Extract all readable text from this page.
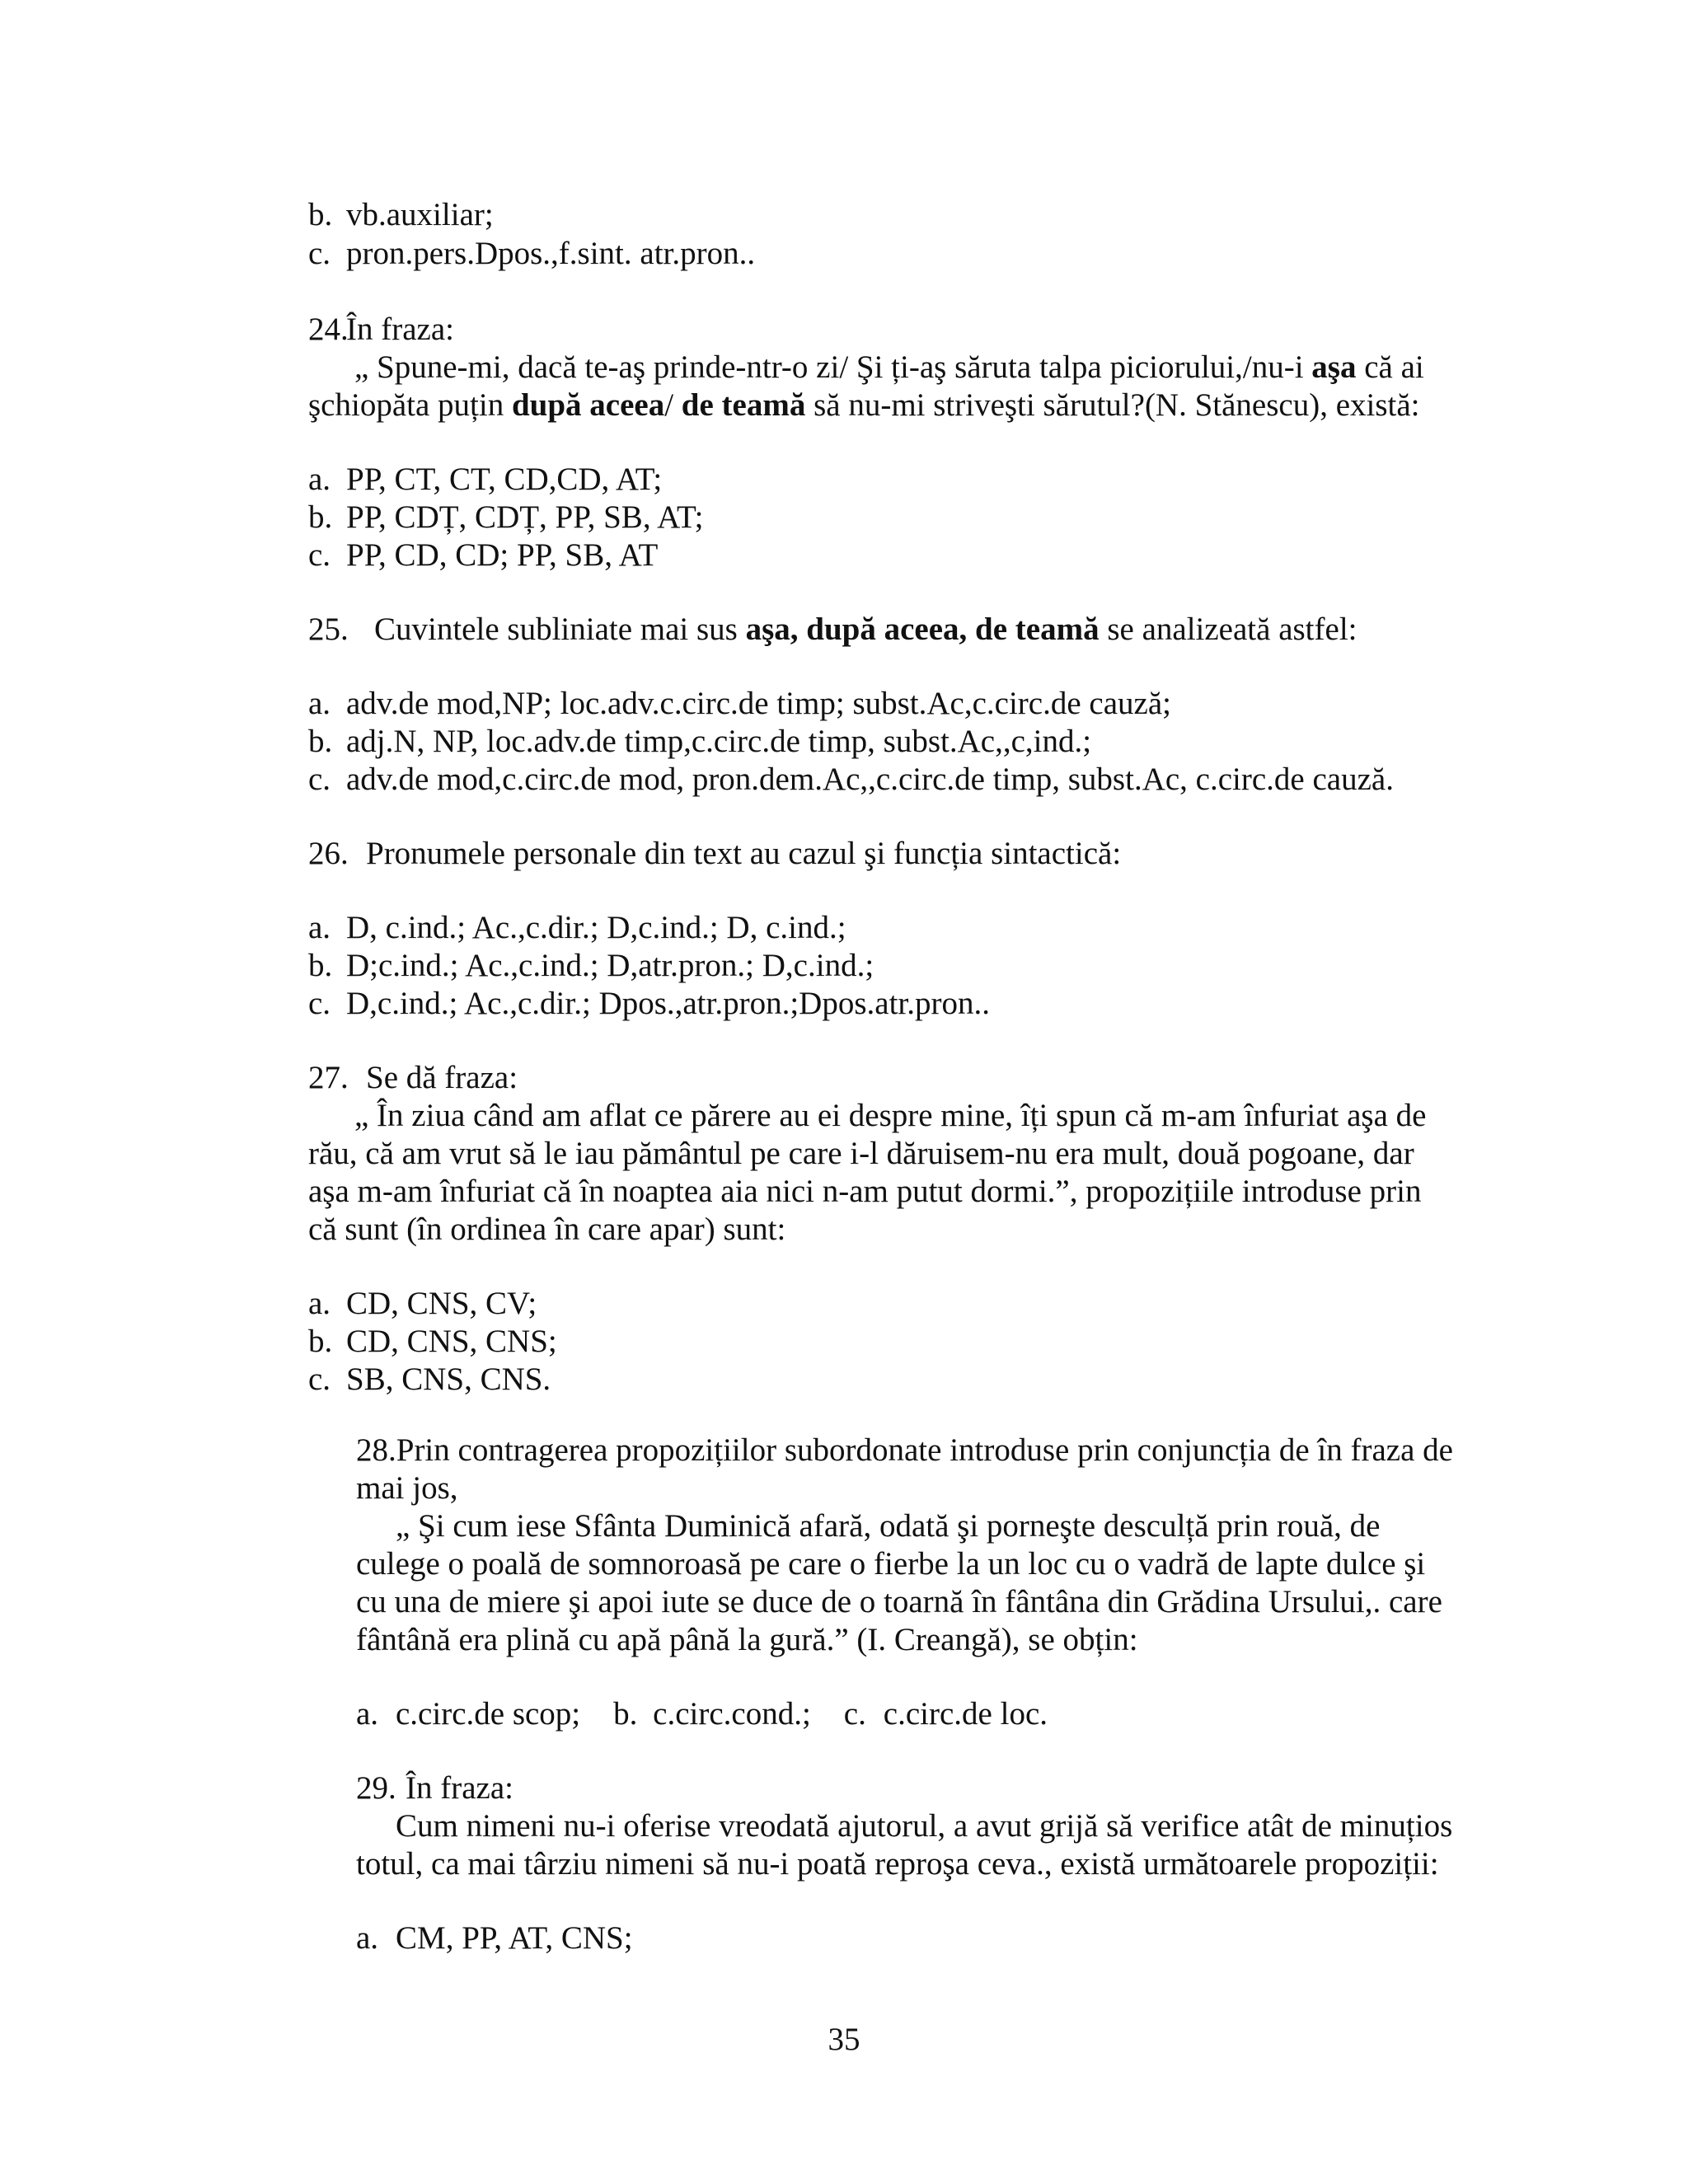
b. vb.auxiliar;
c. pron.pers.Dpos.,f.sint. atr.pron..
24.În fraza:
„ Spune-mi, dacă te-aş prinde-ntr-o zi/ Şi ți-aş săruta talpa piciorului,/nu-i aşa că ai
şchiopăta puțin după aceea/ de teamă să nu-mi striveşti sărutul?(N. Stănescu), există:
a. PP, CT, CT, CD,CD, AT;
b. PP, CDȚ, CDȚ, PP, SB, AT;
c. PP, CD, CD; PP, SB, AT
25. Cuvintele subliniate mai sus aşa, după aceea, de teamă se analizeată astfel:
a. adv.de mod,NP; loc.adv.c.circ.de timp; subst.Ac,c.circ.de cauză;
b. adj.N, NP, loc.adv.de timp,c.circ.de timp, subst.Ac,,c,ind.;
c. adv.de mod,c.circ.de mod, pron.dem.Ac,,c.circ.de timp, subst.Ac, c.circ.de cauză.
26. Pronumele personale din text au cazul şi funcția sintactică:
a. D, c.ind.; Ac.,c.dir.; D,c.ind.; D, c.ind.;
b. D;c.ind.; Ac.,c.ind.; D,atr.pron.; D,c.ind.;
c. D,c.ind.; Ac.,c.dir.; Dpos.,atr.pron.;Dpos.atr.pron..
27. Se dă fraza:
„ În ziua când am aflat ce părere au ei despre mine, îți spun că m-am înfuriat aşa de
rău, că am vrut să le iau pământul pe care i-l dăruisem-nu era mult, două pogoane, dar
aşa m-am înfuriat că în noaptea aia nici n-am putut dormi.”, propozițiile introduse prin
că sunt (în ordinea în care apar) sunt:
a. CD, CNS, CV;
b. CD, CNS, CNS;
c. SB, CNS, CNS.
28.Prin contragerea propozițiilor subordonate introduse prin conjuncția de în fraza de
mai jos,
„ Şi cum iese Sfânta Duminică afară, odată şi porneşte desculță prin rouă, de
culege o poală de somnoroasă pe care o fierbe la un loc cu o vadră de lapte dulce şi
cu una de miere şi apoi iute se duce de o toarnă în fântâna din Grădina Ursului,. care
fântână era plină cu apă până la gură.” (I. Creangă), se obțin:
a. c.circ.de scop; b. c.circ.cond.; c. c.circ.de loc.
29. În fraza:
Cum nimeni nu-i oferise vreodată ajutorul, a avut grijă să verifice atât de minuțios
totul, ca mai târziu nimeni să nu-i poată reproşa ceva., există următoarele propoziții:
a. CM, PP, AT, CNS;
35
